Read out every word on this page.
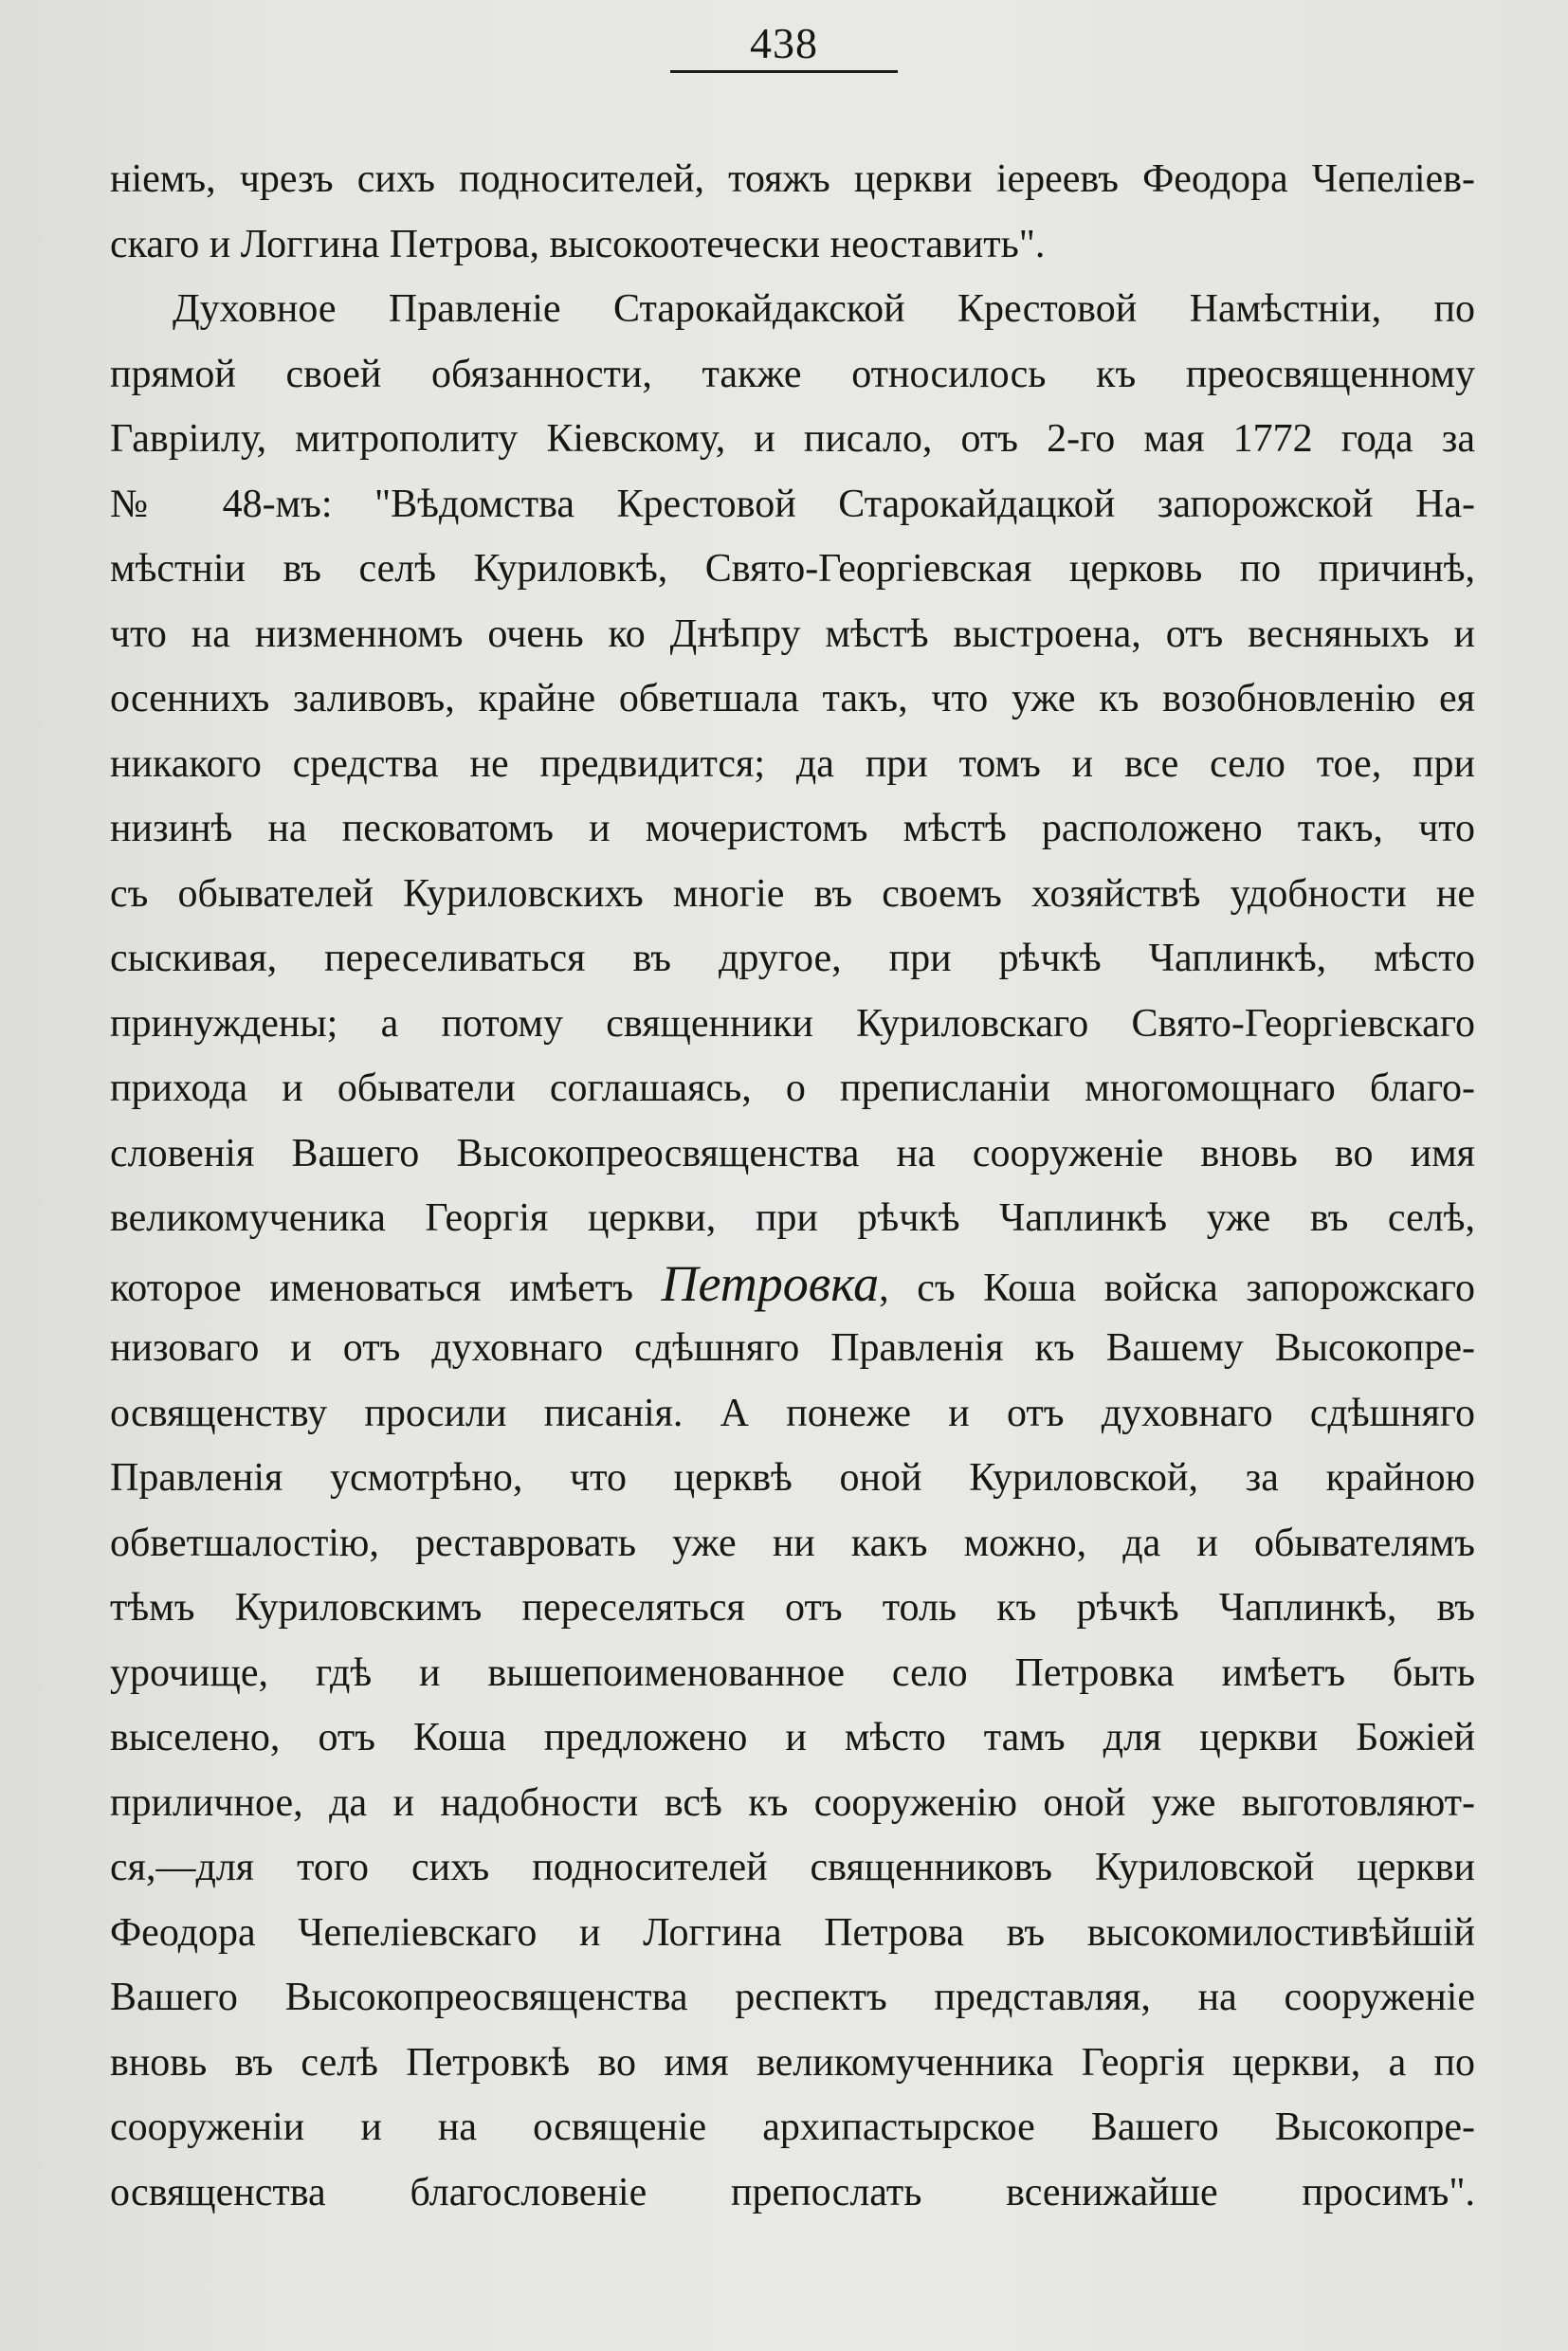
438
ніемъ, чрезъ сихъ подносителей, тояжъ церкви іереевъ Феодора Чепеліев-
скаго и Логгина Петрова, высокоотечески неоставить".
Духовное Правленіе Старокайдакской Крестовой Намѣстніи, по
прямой своей обязанности, также относилось къ преосвященному
Гавріилу, митрополиту Кіевскому, и писало, отъ 2-го мая 1772 года за
№ 48-мъ: "Вѣдомства Крестовой Старокайдацкой запорожской На-
мѣстніи въ селѣ Куриловкѣ, Свято-Георгіевская церковь по причинѣ,
что на низменномъ очень ко Днѣпру мѣстѣ выстроена, отъ весняныхъ и
осеннихъ заливовъ, крайне обветшала такъ, что уже къ возобновленію ея
никакого средства не предвидится; да при томъ и все село тое, при
низинѣ на песковатомъ и мочеристомъ мѣстѣ расположено такъ, что
съ обывателей Куриловскихъ многіе въ своемъ хозяйствѣ удобности не
сыскивая, переселиваться въ другое, при рѣчкѣ Чаплинкѣ, мѣсто
принуждены; а потому священники Куриловскаго Свято-Георгіевскаго
прихода и обыватели соглашаясь, о преписланіи многомощнаго благо-
словенія Вашего Высокопреосвященства на сооруженіе вновь во имя
великомученика Георгія церкви, при рѣчкѣ Чаплинкѣ уже въ селѣ,
которое именоваться имѣетъ Петровка, съ Коша войска запорожскаго
низоваго и отъ духовнаго сдѣшняго Правленія къ Вашему Высокопре-
освященству просили писанія. А понеже и отъ духовнаго сдѣшняго
Правленія усмотрѣно, что церквѣ оной Куриловской, за крайною
обветшалостію, реставровать уже ни какъ можно, да и обывателямъ
тѣмъ Куриловскимъ переселяться отъ толь къ рѣчкѣ Чаплинкѣ, въ
урочище, гдѣ и вышепоименованное село Петровка имѣетъ быть
выселено, отъ Коша предложено и мѣсто тамъ для церкви Божіей
приличное, да и надобности всѣ къ сооруженію оной уже выготовляют-
ся,—для того сихъ подносителей священниковъ Куриловской церкви
Феодора Чепеліевскаго и Логгина Петрова въ высокомилостивѣйшій
Вашего Высокопреосвященства респектъ представляя, на сооруженіе
вновь въ селѣ Петровкѣ во имя великомученника Георгія церкви, а по
сооруженіи и на освященіе архипастырское Вашего Высокопре-
освященства благословеніе препослать всенижайше просимъ".
